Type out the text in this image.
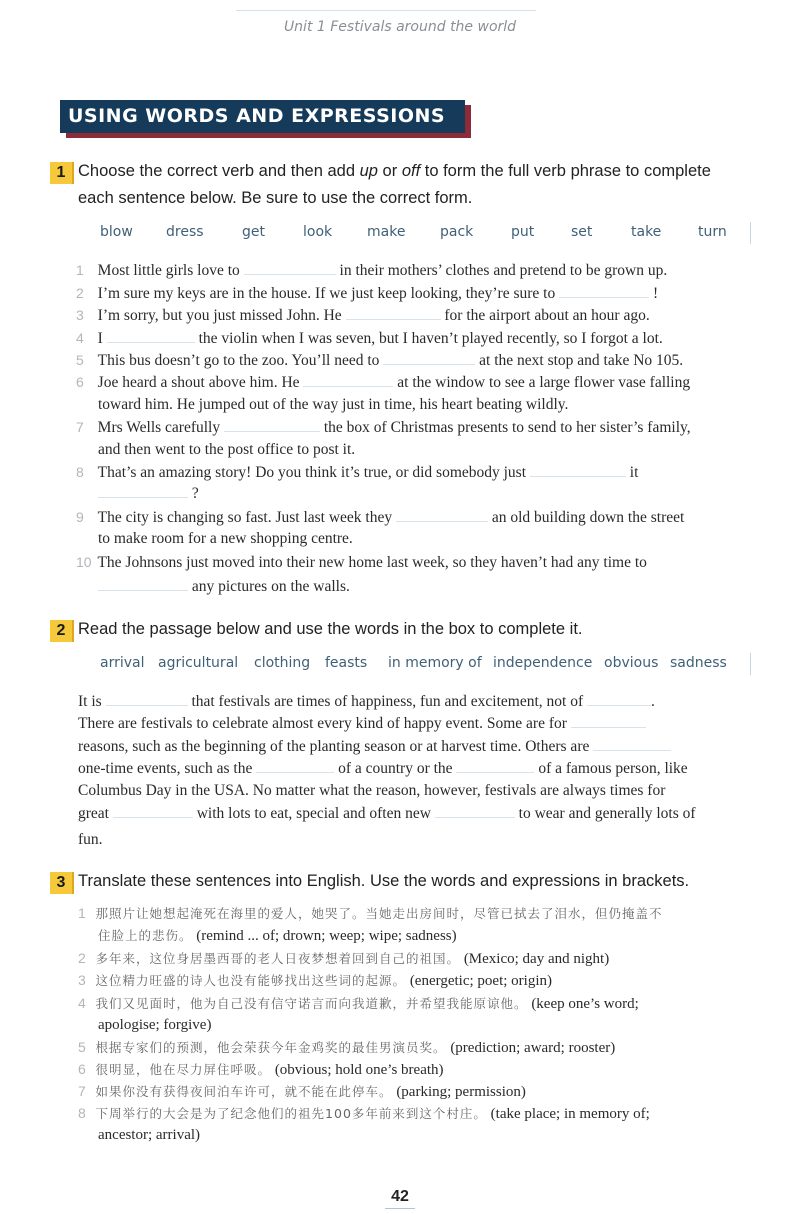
Unit 1 Festivals around the world
USING WORDS AND EXPRESSIONS
1 Choose the correct verb and then add up or off to form the full verb phrase to complete
each sentence below. Be sure to use the correct form.
blow dress	get	look make pack	put	set	take	turn
1 Most little girls love to	in their mothers’ clothes and pretend to be grown up.
2 I’m sure my keys are in the house. If we just keep looking, they’re sure to	!
3 I’m sorry, but you just missed John. He	for the airport about an hour ago.
4 I	the violin when I was seven, but I haven’t played recently, so I forgot a lot.
5 This bus doesn’t go to the zoo. You’ll need to	at the next stop and take No 105.
6 Joe heard a shout above him. He	at the window to see a large flower vase falling
toward him. He jumped out of the way just in time, his heart beating wildly.
7 Mrs Wells carefully	the box of Christmas presents to send to her sister’s family,
and then went to the post office to post it.
8 That’s an amazing story! Do you think it’s true, or did somebody just	it
?
9 The city is changing so fast. Just last week they	an old building down the street
to make room for a new shopping centre.
10 The Johnsons just moved into their new home last week, so they haven’t had any time to
any pictures on the walls.
2 Read the passage below and use the words in the box to complete it.
arrival agricultural clothing feasts in memory of independence obvious sadness
It is	that festivals are times of happiness, fun and excitement, not of	.
There are festivals to celebrate almost every kind of happy event. Some are for
reasons, such as the beginning of the planting season or at harvest time. Others are
one-time events, such as the	of a country or the	of a famous person, like
Columbus Day in the USA. No matter what the reason, however, festivals are always times for
great	with lots to eat, special and often new	to wear and generally lots of
fun.
3 Translate these sentences into English. Use the words and expressions in brackets.
1 那照片让她想起淹死在海里的爱人，她哭了。当她走出房间时，尽管已拭去了泪水，但仍掩盖不
住脸上的悲伤。 (remind ... of; drown; weep; wipe; sadness)
2 多年来，这位身居墨西哥的老人日夜梦想着回到自己的祖国。 (Mexico; day and night)
3 这位精力旺盛的诗人也没有能够找出这些词的起源。 (energetic; poet; origin)
4 我们又见面时，他为自己没有信守诺言而向我道歉，并希望我能原谅他。 (keep one’s word;
apologise; forgive)
5 根据专家们的预测，他会荣获今年金鸡奖的最佳男演员奖。 (prediction; award; rooster)
6 很明显，他在尽力屏住呼吸。 (obvious; hold one’s breath)
7 如果你没有获得夜间泊车许可，就不能在此停车。 (parking; permission)
8 下周举行的大会是为了纪念他们的祖先100多年前来到这个村庄。 (take place; in memory of;
ancestor; arrival)
42
